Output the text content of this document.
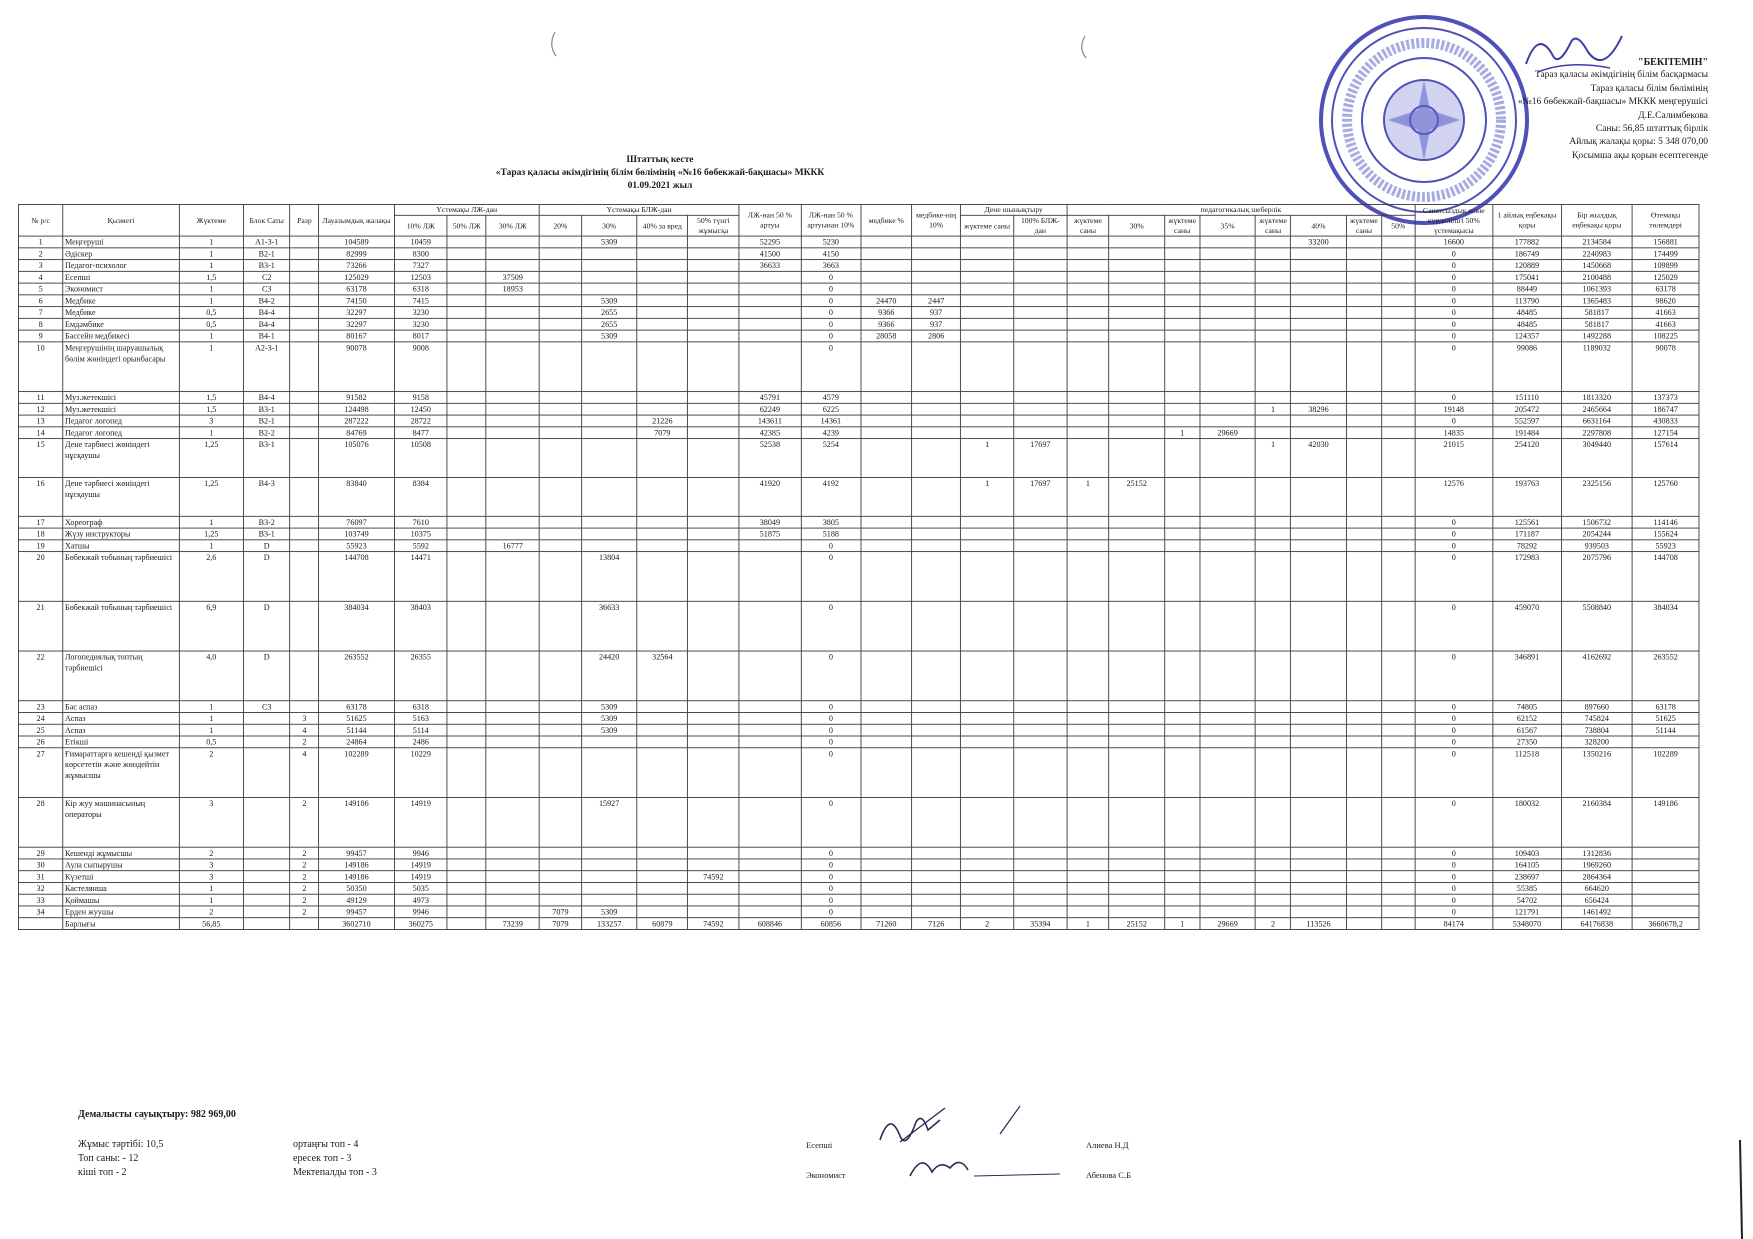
"БЕКІТЕМІН"
Тараз қаласы әкімдігінің білім басқармасы
Тараз қаласы білім бөлімінің
«№16 бөбекжай-бақшасы» МККК меңгерушісі
Д.Е.Салимбекова
Саны: 56,85 штаттық бірлік
Айлық жалақы қоры: 5 348 070,00
Қосымша ақы қорын есептегенде
Штаттық кесте
«Тараз қаласы әкімдігінің білім бөлімінің «№16 бөбекжай-бақшасы» МККК
01.09.2021 жыл
№ р/с	Қызметі	Жүктеме	Блок Саты	Разр	Лауазымдық жалақы	Үстемақы ЛЖ-дан			Үстемақы БЛЖ-дан				ЛЖ-нан 50 % артуы	ЛЖ-нан 50 % артуынан 10%	медбике %	медбике-нің 10%	Дене шынықтыру		педагогикалық шеберлік								Санатсыздық және күрделілігі 50% үстемақысы	1 айлық еңбекақы қоры	Бір жылдық еңбекақы қоры	Өтемақы төлемдері
						10% ЛЖ	50% ЛЖ	30% ЛЖ	20%	30%	40% за вред	50% түнгі жұмысқа					жүктеме саны	100% БЛЖ-дан	жүктеме саны	30%	жүктеме саны	35%	жүктеме саны	40%	жүктеме саны	50%				
1	Меңгеруші	1	А1-3-1		104589	10459				5309			52295	5230										33200			16600	177882	2134584	156881
2	Әдіскер	1	В2-1		82999	8300							41500	4150													0	186749	2240983	174499
3	Педагог-психолог	1	В3-1		73266	7327							36633	3663													0	120889	1450668	109899
4	Есепші	1,5	С2		125029	12503		37509						0													0	175041	2100488	125029
5	Экономист	1	С3		63178	6318		18953						0													0	88449	1061393	63178
6	Медбике	1	В4-2		74150	7415				5309				0	24470	2447											0	113790	1365483	98620
7	Медбике	0,5	В4-4		32297	3230				2655				0	9366	937											0	48485	581817	41663
8	Емдәмбике	0,5	В4-4		32297	3230				2655				0	9366	937											0	48485	581817	41663
9	Бассейн медбикесі	1	В4-1		80167	8017				5309				0	28058	2806											0	124357	1492288	108225
10	Меңгерушінің шаруашылық бөлім жөніндегі орынбасары	1	А2-3-1		90078	9008								0													0	99086	1189032	90078
11	Муз.жетекшісі	1,5	В4-4		91582	9158							45791	4579													0	151110	1813320	137373
12	Муз.жетекшісі	1,5	В3-1		124498	12450							62249	6225									1	38296			19148	205472	2465664	186747
13	Педагог логопед	3	В2-1		287222	28722					21226		143611	14361													0	552597	6631164	430833
14	Педагог логопед	1	В2-2		84769	8477					7079		42385	4239							1	29669					14835	191484	2297808	127154
15	Дене тәрбиесі жөніндегі нұсқаушы	1,25	В3-1		105076	10508							52538	5254			1	17697					1	42030			21015	254120	3049440	157614
16	Дене тәрбиесі жөніндегі нұсқаушы	1,25	В4-3		83840	8384							41920	4192			1	17697	1	25152							12576	193763	2325156	125760
17	Хореограф	1	В3-2		76097	7610							38049	3805													0	125561	1506732	114146
18	Жүзу инструкторы	1,25	В3-1		103749	10375							51875	5188													0	171187	2054244	155624
19	Хатшы	1	D		55923	5592		16777						0													0	78292	939503	55923
20	Бөбекжай тобының тәрбиешісі	2,6	D		144708	14471				13804				0													0	172983	2075796	144708
21	Бөбекжай тобының тәрбиешісі	6,9	D		384034	38403				36633				0													0	459070	5508840	384034
22	Логопедиялық топтың тәрбиешісі	4,0	D		263552	26355				24420	32564			0													0	346891	4162692	263552
23	Бас аспаз	1	С3		63178	6318				5309				0													0	74805	897660	63178
24	Аспаз	1		3	51625	5163				5309				0													0	62152	745824	51625
25	Аспаз	1		4	51144	5114				5309				0													0	61567	738804	51144
26	Етікші	0,5		2	24864	2486								0													0	27350	328200	
27	Ғимараттарға кешенді қызмет көрсететін және жөндейтін жұмысшы	2		4	102289	10229								0													0	112518	1350216	102289
28	Кір жуу машинасының операторы	3		2	149186	14919				15927				0													0	180032	2160384	149186
29	Кешенді жұмысшы	2		2	99457	9946								0													0	109403	1312836	
30	Аула сыпырушы	3		2	149186	14919								0													0	164105	1969260	
31	Күзетші	3		2	149186	14919						74592		0													0	238697	2864364	
32	Кастелянша	1		2	50350	5035								0													0	55385	664620	
33	Қоймашы	1		2	49129	4973								0													0	54702	656424	
34	Ерден жуушы	2		2	99457	9946			7079	5309				0													0	121791	1461492	
	Барлығы	56,85			3602710	360275		73239	7079	133257	60879	74592	608846	60856	71260	7126	2	35394	1	25152	1	29669	2	113526			84174	5348070	64176838	3660678,2
Демалысты сауықтыру: 982 969,00
Жұмыс тәртібі: 10,5	ортаңғы топ - 4
Топ саны: - 12	ересек топ - 3
кіші топ - 2	Мектепалды топ - 3
Есепші	Алиева Н.Д
Экономист	Абенова С.Б
